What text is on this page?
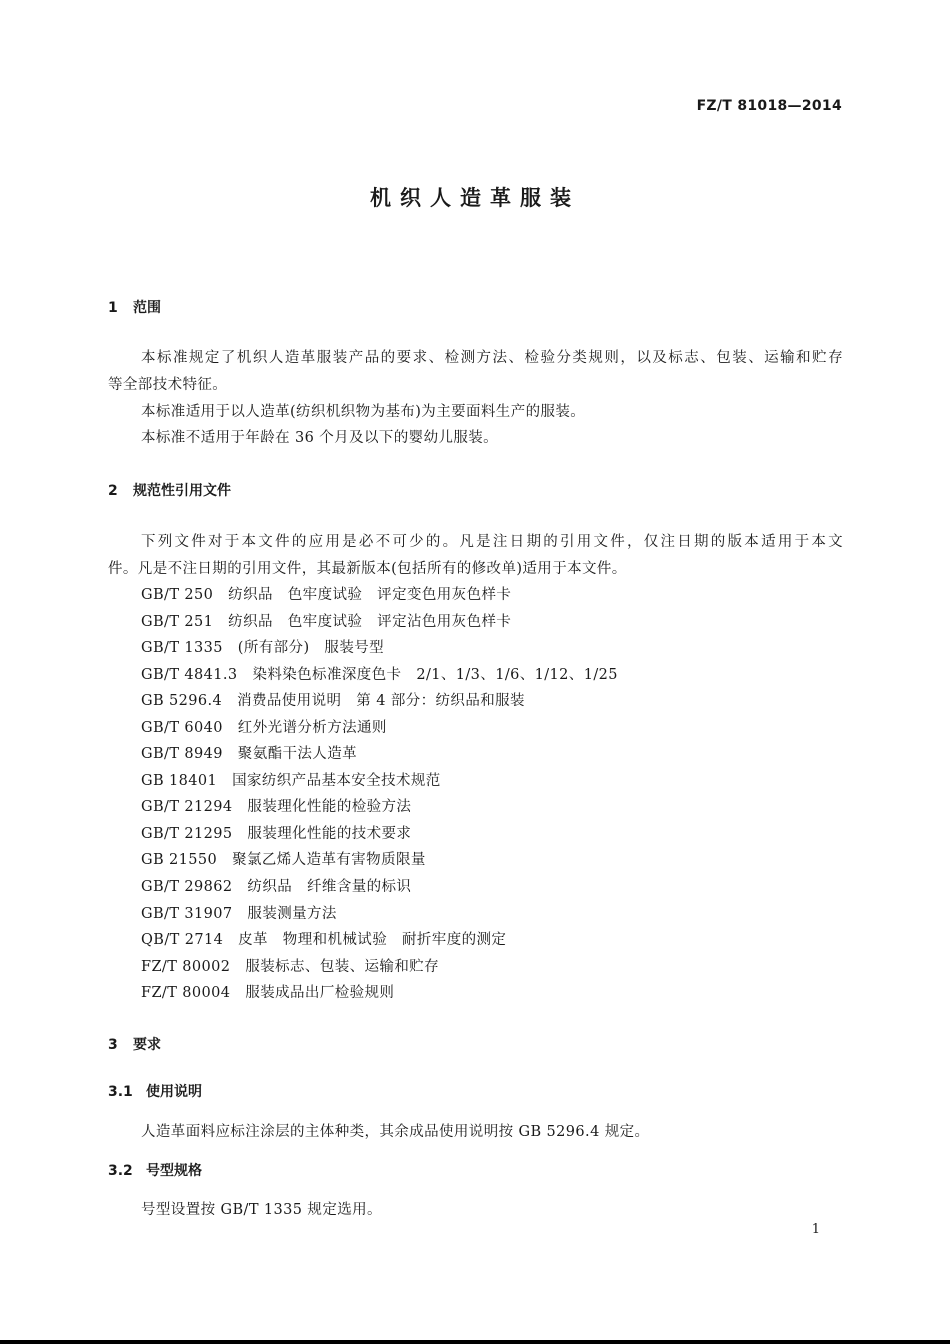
FZ/T 81018—2014
机织人造革服装
1 范围
本标准规定了机织人造革服装产品的要求、检测方法、检验分类规则，以及标志、包装、运输和贮存
等全部技术特征。
本标准适用于以人造革(纺织机织物为基布)为主要面料生产的服装。
本标准不适用于年龄在 36 个月及以下的婴幼儿服装。
2 规范性引用文件
下列文件对于本文件的应用是必不可少的。凡是注日期的引用文件，仅注日期的版本适用于本文
件。凡是不注日期的引用文件，其最新版本(包括所有的修改单)适用于本文件。
GB/T 250　纺织品　色牢度试验　评定变色用灰色样卡
GB/T 251　纺织品　色牢度试验　评定沾色用灰色样卡
GB/T 1335　(所有部分)　服装号型
GB/T 4841.3　染料染色标准深度色卡　2/1、1/3、1/6、1/12、1/25
GB 5296.4　消费品使用说明　第 4 部分：纺织品和服装
GB/T 6040　红外光谱分析方法通则
GB/T 8949　聚氨酯干法人造革
GB 18401　国家纺织产品基本安全技术规范
GB/T 21294　服装理化性能的检验方法
GB/T 21295　服装理化性能的技术要求
GB 21550　聚氯乙烯人造革有害物质限量
GB/T 29862　纺织品　纤维含量的标识
GB/T 31907　服装测量方法
QB/T 2714　皮革　物理和机械试验　耐折牢度的测定
FZ/T 80002　服装标志、包装、运输和贮存
FZ/T 80004　服装成品出厂检验规则
3 要求
3.1 使用说明
人造革面料应标注涂层的主体种类，其余成品使用说明按 GB 5296.4 规定。
3.2 号型规格
号型设置按 GB/T 1335 规定选用。
1
